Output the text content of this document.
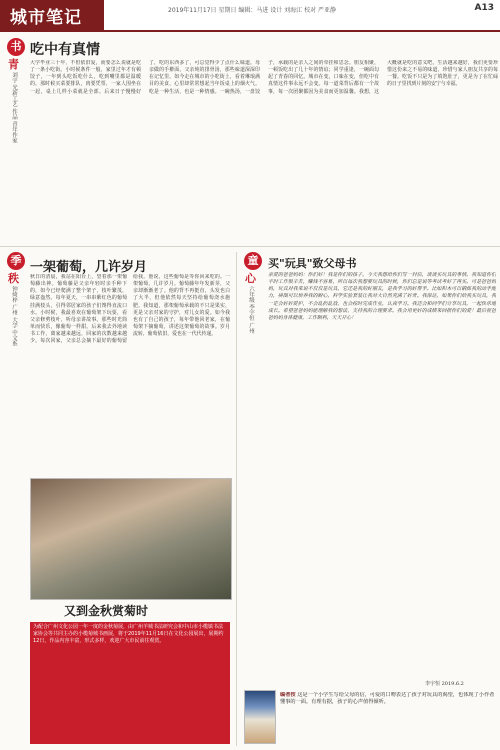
城市笔记	2019年11月17日 星期日 编辑：马进 设计 刘海江 校对 严亚静	A13
书
青
刘宇 光新工艺 作品 青年作家
吃中有真情
大学毕业三十年，不但依旧爱，而要怎么说就是吃了一条小吃街。小时候条件一般，家里过年才有顿饺子，一年到头吃饭吃什么，吃到嘴里都是温暖的。那时候买菜要排队，肉要凭票，一家人围坐在一起，桌上几样小菜就是全部。后来日子慢慢好了，吃的东西多了，可总觉得少了点什么味道。母亲做的手擀面，父亲炖的排骨汤，那些味道深深印在记忆里。如今走在城市的小吃街上，看着琳琅满目的美食，心里却常常想起当年饭桌上的烟火气。吃是一种生活，也是一种情感。一碗热汤，一盘饺子，承载的是亲人之间的牵挂和思念。朋友相聚，一顿饭吃出了几十年的情谊；同学重逢，一碗面勾起了青春的回忆。城市在变，口味在变，但吃中有真情这件事永远不会变。每一道菜背后都有一个故事，每一次团聚都因为美食而更加温馨。我想，这大概就是吃的意义吧。生活越来越好，我们更要珍惜这份来之不易的味道，珍惜与家人朋友共享的每一餐。吃饭不只是为了填饱肚子，更是为了在忙碌的日子里找到片刻的安宁与幸福。
季
秩
钟绮梓 广州 大学 中文系
一架葡萄，几许岁月
秋日的清晨，我站在阳台上，望着那一架葡萄藤出神。葡萄藤是父亲年轻时亲手种下的，如今已经爬满了整个架子，枝叶繁茂，绿意盎然。每年夏天，一串串紫红色的葡萄挂满枝头，引得邻居家的孩子们馋得直流口水。小时候，我最喜欢在葡萄架下玩耍，看父亲修剪枝叶，听母亲讲故事。那些时光简单而快乐，像葡萄一样甜。后来我去外地读书工作，离家越来越远，回家的次数越来越少。每次回家，父亲总会摘下最好的葡萄留给我。他说，这些葡萄是等你回来吃的。一架葡萄，几许岁月。葡萄藤年年发新芽，父亲却渐渐老了。他的背不再挺直，头发也白了大半，但他依然每天坚持给葡萄浇水施肥。我知道，那架葡萄承载的不只是果实，更是父亲对家的守护，对儿女的爱。如今我也有了自己的孩子，每年带他回老家，在葡萄架下摘葡萄，讲述这架葡萄的故事。岁月流转，葡萄依旧，爱也在一代代传递。
又到金秋赏菊时
为配合广州文化公园一年一度的金秋菊展，由广州羊城书法研究会和中山市小榄镇书法家协会等共同主办的小榄菊城书画展，将于2019年11月16日在文化公园展出，展期约12日，作品内容丰富，形式多样，欢迎广大市民前往观赏。
童
心
六年级 李宇恒 广州
买"玩具"致父母书
亲爱的爸爸妈妈：你们好！我是你们的孩子，今天我想给你们写一封信，谈谈买玩具的事情。我知道你们平时工作很辛苦，赚钱不容易，所以每次我想要玩具的时候，你们总是说等考试考好了再买。可是爸爸妈妈，玩具对我来说不仅仅是玩具，它还是我的好朋友，是我学习的好帮手。比如积木可以锻炼我的动手能力，拼图可以培养我的耐心，科学实验套装让我对大自然充满了好奇。我保证，如果你们给我买玩具，我一定会好好爱护，不会乱扔乱放，也会按时完成作业，认真学习。我还会和同学们分享玩具，一起快乐地成长。希望爸爸妈妈能理解我的想法，支持我的合理要求。我会用更好的成绩来回报你们的爱！最后祝爸爸妈妈身体健康，工作顺利，天天开心！
李宇恒 2019.6.2
编者按 这是一个小学生写给父母的信，可爱的口吻表达了孩子对玩具的渴望，也体现了小作者懂事的一面。有理有据，孩子的心声值得倾听。
